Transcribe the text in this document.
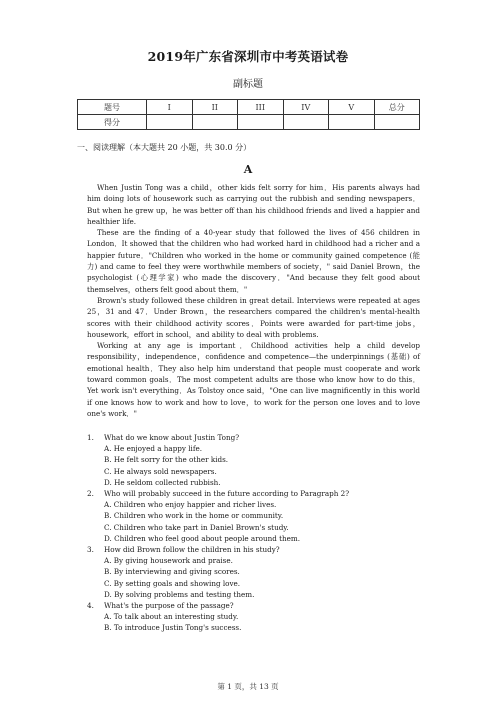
2019年广东省深圳市中考英语试卷
副标题
题号	I	II	III	IV	V	总分
得分						
一、阅读理解（本大题共 20 小题，共 30.0 分）
A

When Justin Tong was a child，other kids felt sorry for him．His parents always had him doing lots of housework such as carrying out the rubbish and sending newspapers．But when he grew up，he was better off than his childhood friends and lived a happier and healthier life.

These are the finding of a 40-year study that followed the lives of 456 children in London．It showed that the children who had worked hard in childhood had a richer and a happier future．"Children who worked in the home or community gained competence (能力) and came to feel they were worthwhile members of society，" said Daniel Brown，the psychologist (心理学家) who made the discovery．"And because they felt good about themselves，others felt good about them．"

Brown's study followed these children in great detail. Interviews were repeated at ages 25，31 and 47．Under Brown，the researchers compared the children's mental-health scores with their childhood activity scores．Points were awarded for part-time jobs，housework，effort in school，and ability to deal with problems.

Working at any age is important．Childhood activities help a child develop responsibility，independence，confidence and competence—the underpinnings (基础) of emotional health．They also help him understand that people must cooperate and work toward common goals．The most competent adults are those who know how to do this．Yet work isn't everything．As Tolstoy once said，"One can live magnificently in this world if one knows how to work and how to love，to work for the person one loves and to love one's work．"

1. What do we know about Justin Tong?

A. He enjoyed a happy life.

B. He felt sorry for the other kids.

C. He always sold newspapers.

D. He seldom collected rubbish.

2. Who will probably succeed in the future according to Paragraph 2?

A. Children who enjoy happier and richer lives.

B. Children who work in the home or community.

C. Children who take part in Daniel Brown's study.

D. Children who feel good about people around them.

3. How did Brown follow the children in his study?

A. By giving housework and praise.

B. By interviewing and giving scores.

C. By setting goals and showing love.

D. By solving problems and testing them.

4. What's the purpose of the passage?

A. To talk about an interesting study.

B. To introduce Justin Tong's success.

第 1 页，共 13 页
